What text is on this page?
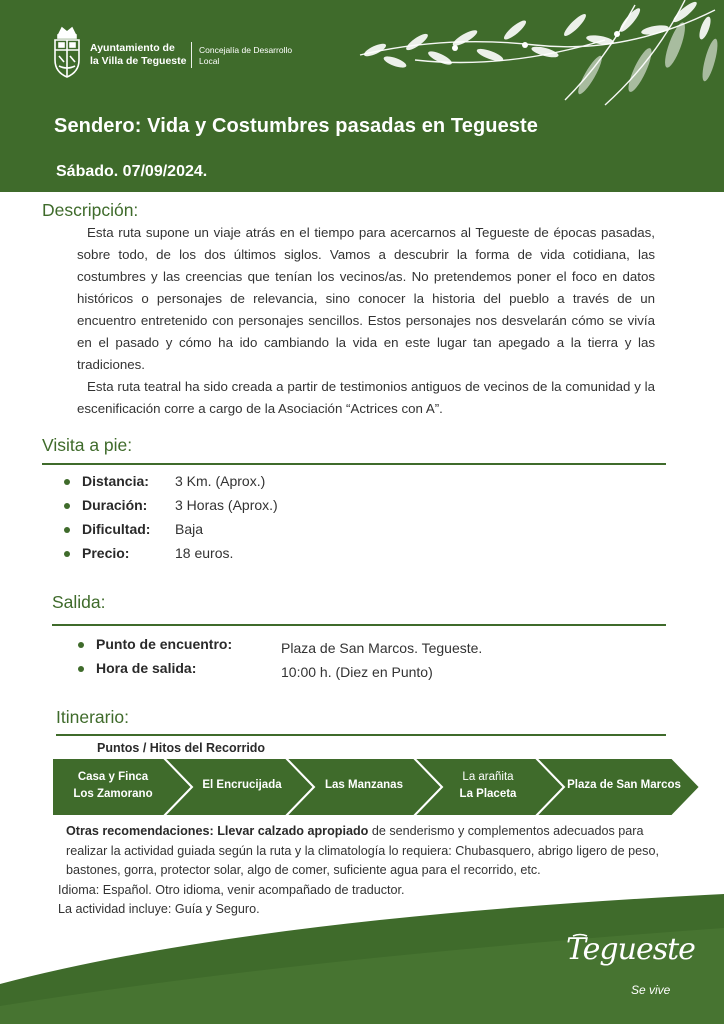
Ayuntamiento de
la Villa de Tegueste
Concejalía de Desarrollo
Local
Sendero: Vida y Costumbres pasadas en Tegueste
Sábado. 07/09/2024.
Descripción:

Esta ruta supone un viaje atrás en el tiempo para acercarnos al Tegueste de épocas pasadas, sobre todo, de los dos últimos siglos. Vamos a descubrir la forma de vida cotidiana, las costumbres y las creencias que tenían los vecinos/as. No pretendemos poner el foco en datos históricos o personajes de relevancia, sino conocer la historia del pueblo a través de un encuentro entretenido con personajes sencillos. Estos personajes nos desvelarán cómo se vivía en el pasado y cómo ha ido cambiando la vida en este lugar tan apegado a la tierra y las tradiciones.

Esta ruta teatral ha sido creada a partir de testimonios antiguos de vecinos de la comunidad y la escenificación corre a cargo de la Asociación “Actrices con A”.

Visita a pie:
Distancia: 3 Km. (Aprox.)
Duración: 3 Horas (Aprox.)
Dificultad: Baja
Precio:	18 euros.
Salida:
Punto de encuentro:	Plaza de San Marcos. Tegueste.
Hora de salida:	10:00 h. (Diez en Punto)
Itinerario:
Puntos / Hitos del Recorrido
Casa y Finca
Los Zamorano
El Encrucijada	Las Manzanas
La arañita
La Placeta
Plaza de San Marcos
Otras recomendaciones: Llevar calzado apropiado de senderismo y complementos adecuados para realizar la actividad guiada según la ruta y la climatología lo requiera: Chubasquero, abrigo ligero de peso, bastones, gorra, protector solar, algo de comer, suficiente agua para el recorrido, etc.
Idioma: Español. Otro idioma, venir acompañado de traductor.
La actividad incluye: Guía y Seguro.
Tegueste
Se vive
